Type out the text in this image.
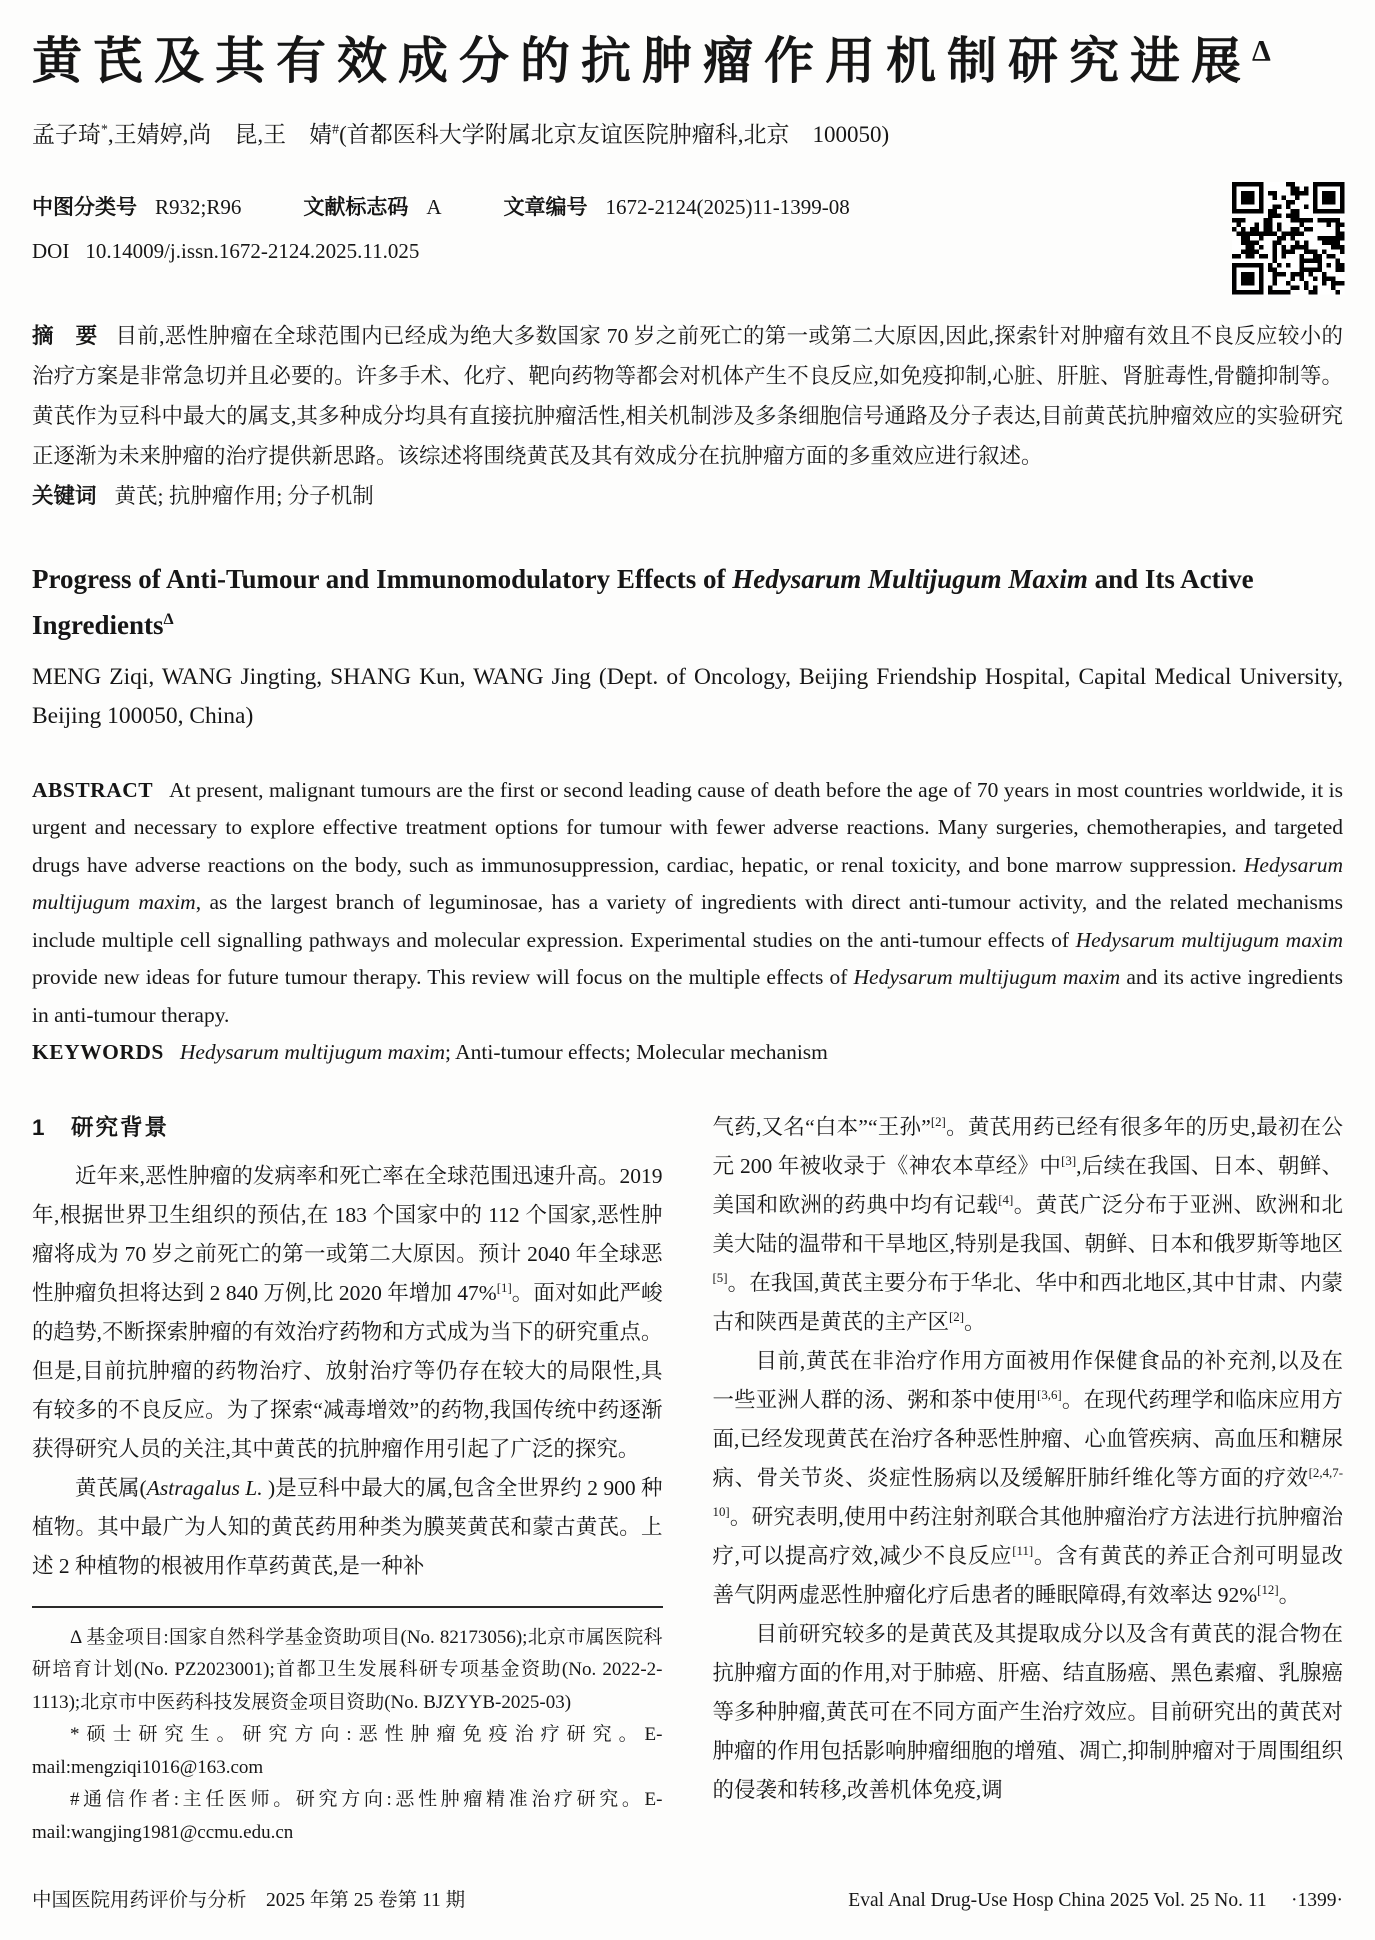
黄芪及其有效成分的抗肿瘤作用机制研究进展$^\Delta$
孟子琦*,王婧婷,尚　昆,王　婧#(首都医科大学附属北京友谊医院肿瘤科,北京　100050)
中图分类号 R932;R96	文献标志码 A	文章编号 1672-2124(2025)11-1399-08
DOI 10.14009/j.issn.1672-2124.2025.11.025

摘　要 目前,恶性肿瘤在全球范围内已经成为绝大多数国家 70 岁之前死亡的第一或第二大原因,因此,探索针对肿瘤有效且不良反应较小的治疗方案是非常急切并且必要的。许多手术、化疗、靶向药物等都会对机体产生不良反应,如免疫抑制,心脏、肝脏、肾脏毒性,骨髓抑制等。黄芪作为豆科中最大的属支,其多种成分均具有直接抗肿瘤活性,相关机制涉及多条细胞信号通路及分子表达,目前黄芪抗肿瘤效应的实验研究正逐渐为未来肿瘤的治疗提供新思路。该综述将围绕黄芪及其有效成分在抗肿瘤方面的多重效应进行叙述。

关键词 黄芪; 抗肿瘤作用; 分子机制

Progress of Anti-Tumour and Immunomodulatory Effects of Hedysarum Multijugum Maxim and Its Active Ingredients$^\Delta$
MENG Ziqi, WANG Jingting, SHANG Kun, WANG Jing (Dept. of Oncology, Beijing Friendship Hospital, Capital Medical University, Beijing 100050, China)

ABSTRACT At present, malignant tumours are the first or second leading cause of death before the age of 70 years in most countries worldwide, it is urgent and necessary to explore effective treatment options for tumour with fewer adverse reactions. Many surgeries, chemotherapies, and targeted drugs have adverse reactions on the body, such as immunosuppression, cardiac, hepatic, or renal toxicity, and bone marrow suppression. Hedysarum multijugum maxim, as the largest branch of leguminosae, has a variety of ingredients with direct anti-tumour activity, and the related mechanisms include multiple cell signalling pathways and molecular expression. Experimental studies on the anti-tumour effects of Hedysarum multijugum maxim provide new ideas for future tumour therapy. This review will focus on the multiple effects of Hedysarum multijugum maxim and its active ingredients in anti-tumour therapy.

KEYWORDS Hedysarum multijugum maxim; Anti-tumour effects; Molecular mechanism

1　研究背景

近年来,恶性肿瘤的发病率和死亡率在全球范围迅速升高。2019 年,根据世界卫生组织的预估,在 183 个国家中的 112 个国家,恶性肿瘤将成为 70 岁之前死亡的第一或第二大原因。预计 2040 年全球恶性肿瘤负担将达到 2 840 万例,比 2020 年增加 47%[1]。面对如此严峻的趋势,不断探索肿瘤的有效治疗药物和方式成为当下的研究重点。但是,目前抗肿瘤的药物治疗、放射治疗等仍存在较大的局限性,具有较多的不良反应。为了探索“减毒增效”的药物,我国传统中药逐渐获得研究人员的关注,其中黄芪的抗肿瘤作用引起了广泛的探究。

黄芪属(Astragalus L. )是豆科中最大的属,包含全世界约 2 900 种植物。其中最广为人知的黄芪药用种类为膜荚黄芪和蒙古黄芪。上述 2 种植物的根被用作草药黄芪,是一种补

Δ 基金项目:国家自然科学基金资助项目(No. 82173056);北京市属医院科研培育计划(No. PZ2023001);首都卫生发展科研专项基金资助(No. 2022-2-1113);北京市中医药科技发展资金项目资助(No. BJZYYB-2025-03)

*硕士研究生。研究方向:恶性肿瘤免疫治疗研究。E-mail:mengziqi1016@163.com

#通信作者:主任医师。研究方向:恶性肿瘤精准治疗研究。E-mail:wangjing1981@ccmu.edu.cn

气药,又名“白本”“王孙”[2]。黄芪用药已经有很多年的历史,最初在公元 200 年被收录于《神农本草经》中[3],后续在我国、日本、朝鲜、美国和欧洲的药典中均有记载[4]。黄芪广泛分布于亚洲、欧洲和北美大陆的温带和干旱地区,特别是我国、朝鲜、日本和俄罗斯等地区[5]。在我国,黄芪主要分布于华北、华中和西北地区,其中甘肃、内蒙古和陕西是黄芪的主产区[2]。

目前,黄芪在非治疗作用方面被用作保健食品的补充剂,以及在一些亚洲人群的汤、粥和茶中使用[3,6]。在现代药理学和临床应用方面,已经发现黄芪在治疗各种恶性肿瘤、心血管疾病、高血压和糖尿病、骨关节炎、炎症性肠病以及缓解肝肺纤维化等方面的疗效[2,4,7-10]。研究表明,使用中药注射剂联合其他肿瘤治疗方法进行抗肿瘤治疗,可以提高疗效,减少不良反应[11]。含有黄芪的养正合剂可明显改善气阴两虚恶性肿瘤化疗后患者的睡眠障碍,有效率达 92%[12]。

目前研究较多的是黄芪及其提取成分以及含有黄芪的混合物在抗肿瘤方面的作用,对于肺癌、肝癌、结直肠癌、黑色素瘤、乳腺癌等多种肿瘤,黄芪可在不同方面产生治疗效应。目前研究出的黄芪对肿瘤的作用包括影响肿瘤细胞的增殖、凋亡,抑制肿瘤对于周围组织的侵袭和转移,改善机体免疫,调

中国医院用药评价与分析　2025 年第 25 卷第 11 期	Eval Anal Drug-Use Hosp China 2025 Vol. 25 No. 11 　·1399·
